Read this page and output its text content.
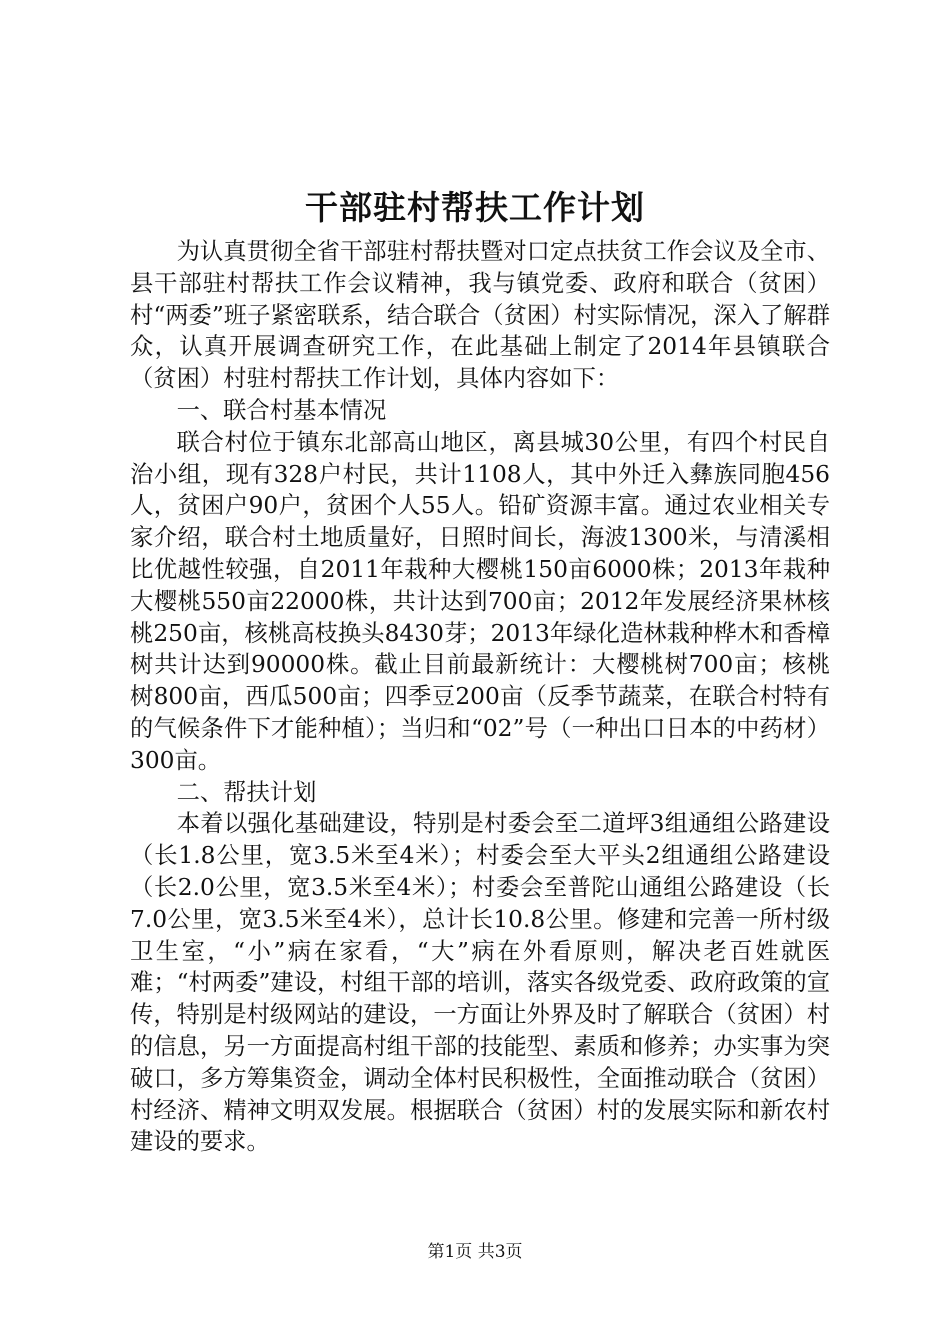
干部驻村帮扶工作计划

为认真贯彻全省干部驻村帮扶暨对口定点扶贫工作会议及全市、县干部驻村帮扶工作会议精神，我与镇党委、政府和联合（贫困）村“两委”班子紧密联系，结合联合（贫困）村实际情况，深入了解群众，认真开展调查研究工作，在此基础上制定了2014年县镇联合（贫困）村驻村帮扶工作计划，具体内容如下：

一、联合村基本情况

联合村位于镇东北部高山地区，离县城30公里，有四个村民自治小组，现有328户村民，共计1108人，其中外迁入彝族同胞456人，贫困户90户，贫困个人55人。铅矿资源丰富。通过农业相关专家介绍，联合村土地质量好，日照时间长，海波1300米，与清溪相比优越性较强，自2011年栽种大樱桃150亩6000株；2013年栽种大樱桃550亩22000株，共计达到700亩；2012年发展经济果林核桃250亩，核桃高枝换头8430芽；2013年绿化造林栽种桦木和香樟树共计达到90000株。截止目前最新统计：大樱桃树700亩；核桃树800亩，西瓜500亩；四季豆200亩（反季节蔬菜，在联合村特有的气候条件下才能种植）；当归和“02”号（一种出口日本的中药材）300亩。

二、帮扶计划

本着以强化基础建设，特别是村委会至二道坪3组通组公路建设（长1.8公里，宽3.5米至4米）；村委会至大平头2组通组公路建设（长2.0公里，宽3.5米至4米）；村委会至普陀山通组公路建设（长7.0公里，宽3.5米至4米），总计长10.8公里。修建和完善一所村级卫生室，“小”病在家看，“大”病在外看原则，解决老百姓就医难；“村两委”建设，村组干部的培训，落实各级党委、政府政策的宣传，特别是村级网站的建设，一方面让外界及时了解联合（贫困）村的信息，另一方面提高村组干部的技能型、素质和修养；办实事为突破口，多方筹集资金，调动全体村民积极性，全面推动联合（贫困）村经济、精神文明双发展。根据联合（贫困）村的发展实际和新农村建设的要求。

第1页 共3页
